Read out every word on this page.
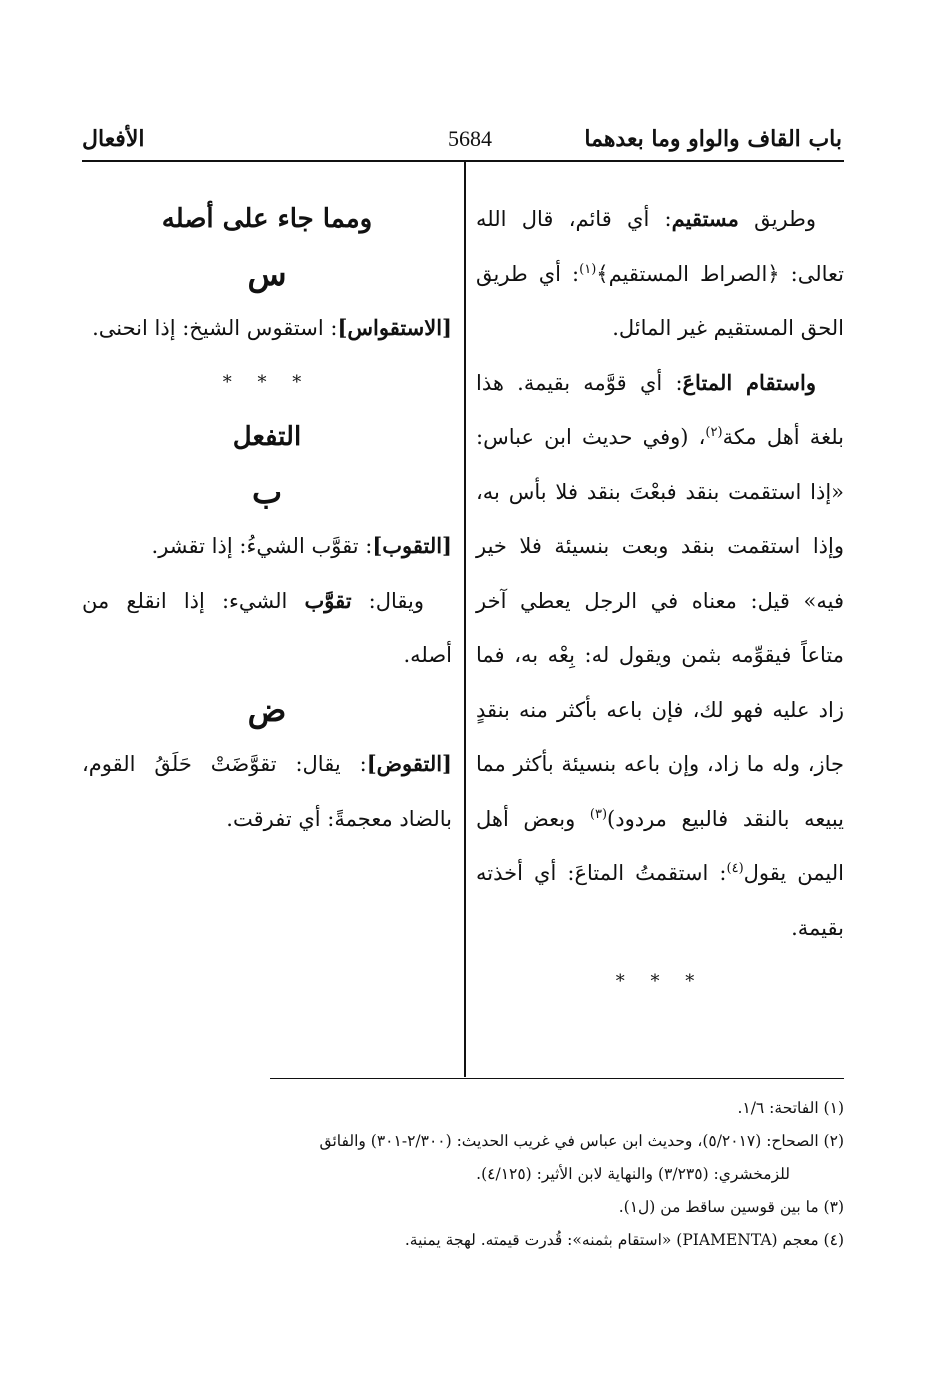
باب القاف والواو وما بعدهما
5684
الأفعال

وطريق مستقيم: أي قائم، قال الله تعالى: ﴿الصراط المستقيم﴾$^{(١)}$: أي طريق الحق المستقيم غير المائل.

واستقام المتاعَ: أي قوَّمه بقيمة. هذا بلغة أهل مكة$^{(٢)}$، (وفي حديث ابن عباس: «إذا استقمت بنقد فبعْتَ بنقد فلا بأس به، وإذا استقمت بنقد وبعت بنسيئة فلا خير فيه» قيل: معناه في الرجل يعطي آخر متاعاً فيقوِّمه بثمن ويقول له: بِعْه به، فما زاد عليه فهو لك، فإن باعه بأكثر منه بنقدٍ جاز، وله ما زاد، وإن باعه بنسيئة بأكثر مما يبيعه بالنقد فالبيع مردود)$^{(٣)}$ وبعض أهل اليمن يقول$^{(٤)}$: استقمتُ المتاعَ: أي أخذته بقيمة.

* * *

ومما جاء على أصله

س

[الاستقواس]: استقوس الشيخ: إذا انحنى.

* * *

التفعل

ب

[التقوب]: تقوَّب الشيءُ: إذا تقشر.

ويقال: تقوَّب الشيء: إذا انقلع من أصله.

ض

[التقوض]: يقال: تقوَّضَتْ حَلَقُ القوم، بالضاد معجمةً: أي تفرقت.

(١) الفاتحة: ١/٦.

(٢) الصحاح: (٥/٢٠١٧)، وحديث ابن عباس في غريب الحديث: (٢/٣٠٠-٣٠١) والفائق

للزمخشري: (٣/٢٣٥) والنهاية لابن الأثير: (٤/١٢٥).

(٣) ما بين قوسين ساقط من (ل١).

(٤) معجم (PIAMENTA) «استقام بثمنه»: قُدرت قيمته. لهجة يمنية.
